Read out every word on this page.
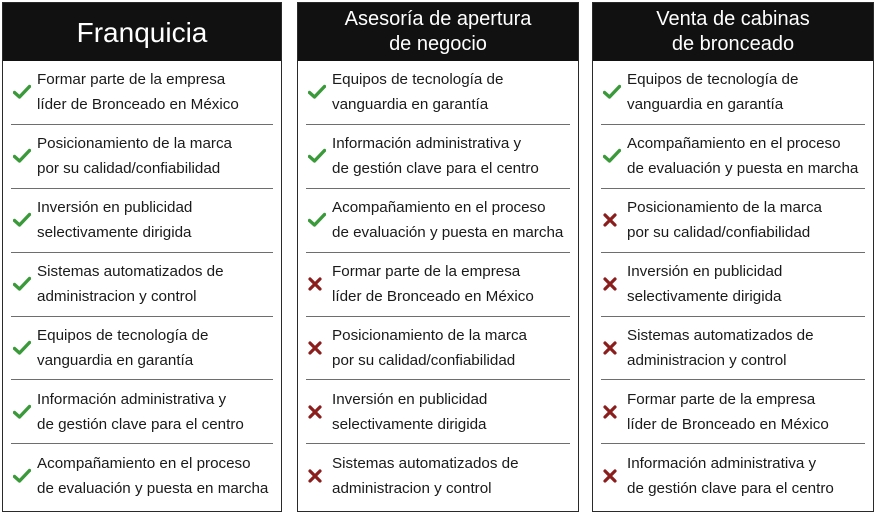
Franquicia
Formar parte de la empresa
líder de Bronceado en México
Posicionamiento de la marca
por su calidad/confiabilidad
Inversión en publicidad
selectivamente dirigida
Sistemas automatizados de
administracion y control
Equipos de tecnología de
vanguardia en garantía
Información administrativa y
de gestión clave para el centro
Acompañamiento en el proceso
de evaluación y puesta en marcha
Asesoría de apertura
de negocio
Equipos de tecnología de
vanguardia en garantía
Información administrativa y
de gestión clave para el centro
Acompañamiento en el proceso
de evaluación y puesta en marcha
Formar parte de la empresa
líder de Bronceado en México
Posicionamiento de la marca
por su calidad/confiabilidad
Inversión en publicidad
selectivamente dirigida
Sistemas automatizados de
administracion y control
Venta de cabinas
de bronceado
Equipos de tecnología de
vanguardia en garantía
Acompañamiento en el proceso
de evaluación y puesta en marcha
Posicionamiento de la marca
por su calidad/confiabilidad
Inversión en publicidad
selectivamente dirigida
Sistemas automatizados de
administracion y control
Formar parte de la empresa
líder de Bronceado en México
Información administrativa y
de gestión clave para el centro
